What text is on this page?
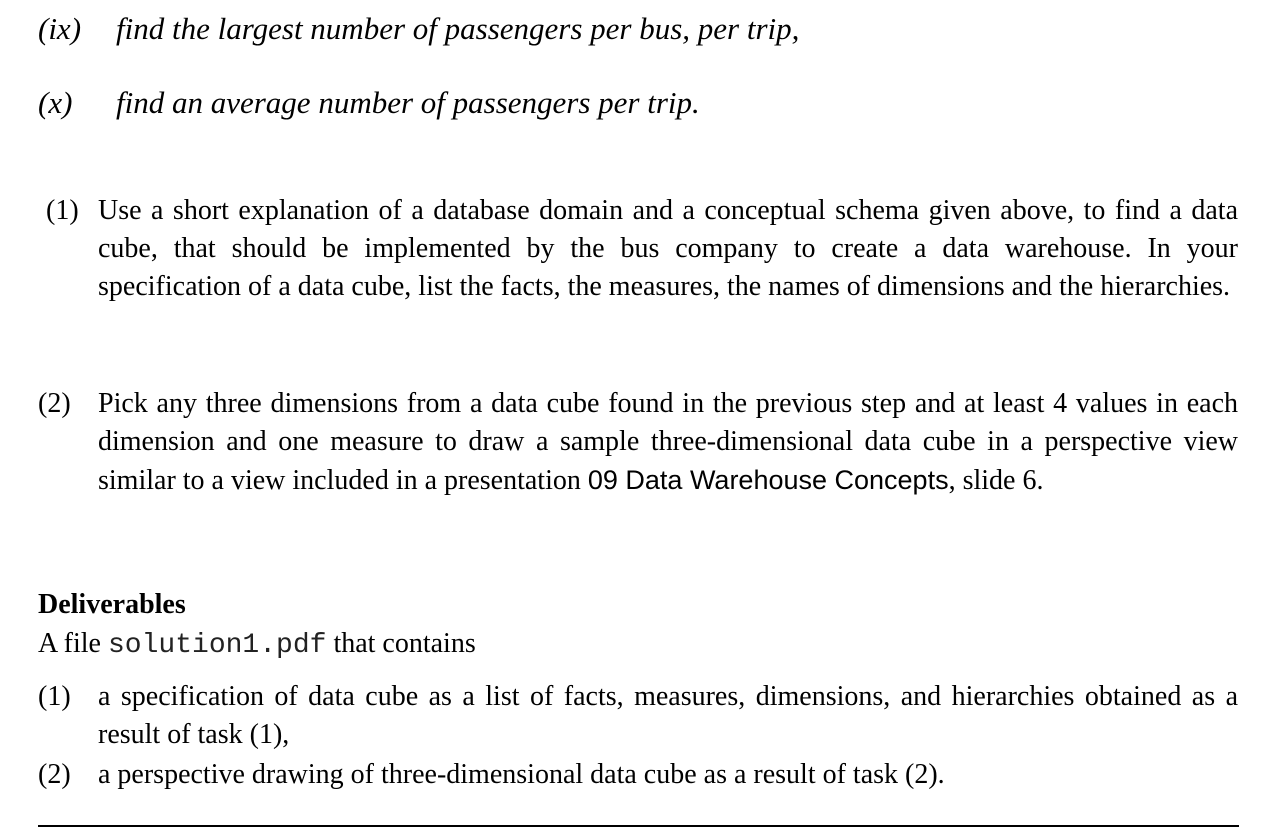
(ix) find the largest number of passengers per bus, per trip,
(x) find an average number of passengers per trip.
(1) Use a short explanation of a database domain and a conceptual schema given above, to find a data cube, that should be implemented by the bus company to create a data warehouse. In your specification of a data cube, list the facts, the measures, the names of dimensions and the hierarchies.
(2) Pick any three dimensions from a data cube found in the previous step and at least 4 values in each dimension and one measure to draw a sample three-dimensional data cube in a perspective view similar to a view included in a presentation 09 Data Warehouse Concepts, slide 6.
Deliverables
A file solution1.pdf that contains
(1) a specification of data cube as a list of facts, measures, dimensions, and hierarchies obtained as a result of task (1),
(2) a perspective drawing of three-dimensional data cube as a result of task (2).
